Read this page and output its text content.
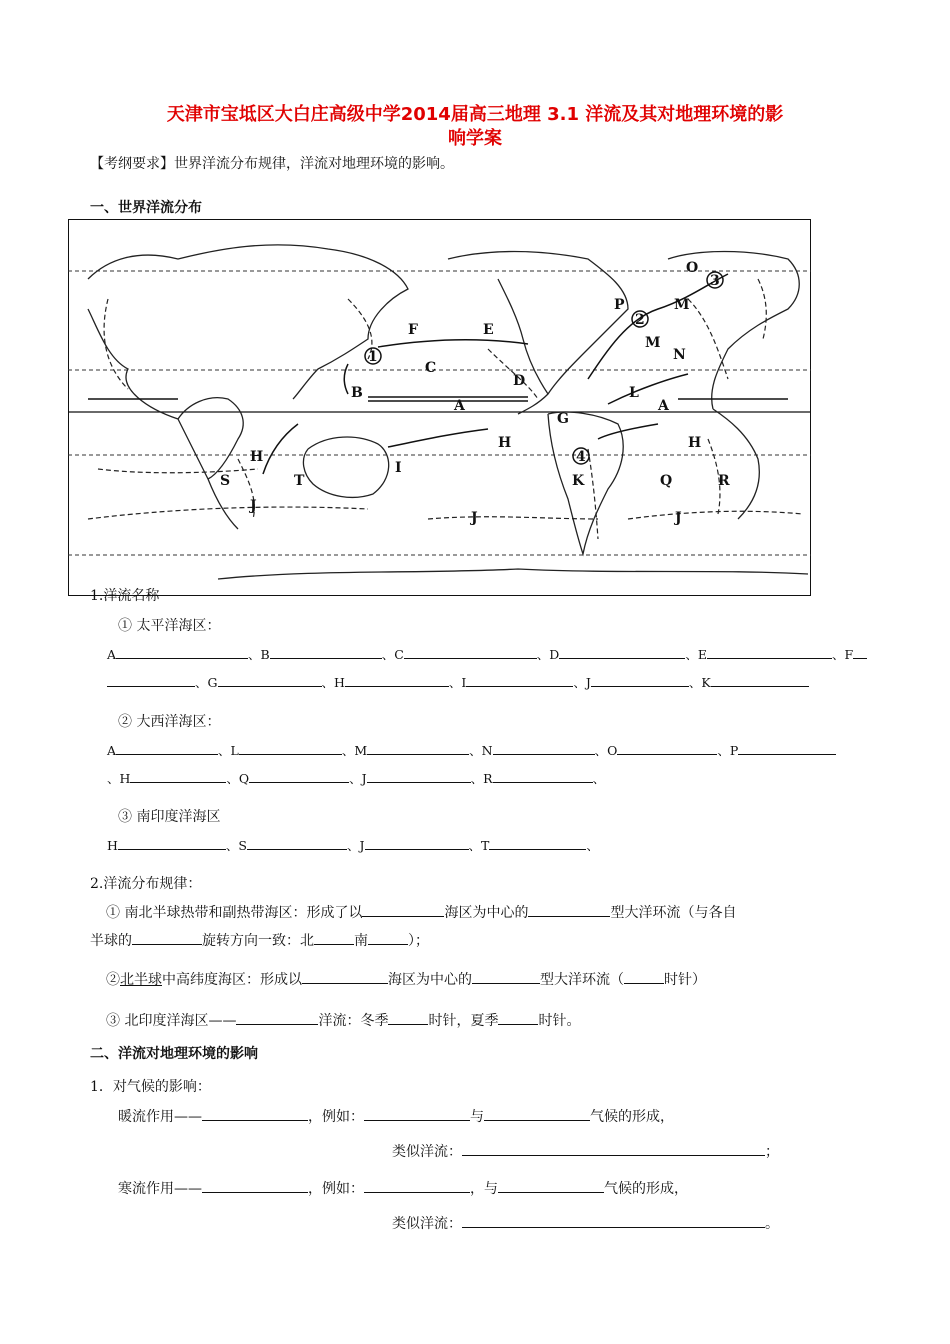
天津市宝坻区大白庄高级中学2014届高三地理 3.1 洋流及其对地理环境的影
响学案
【考纲要求】世界洋流分布规律，洋流对地理环境的影响。
一、世界洋流分布
O
3
P	M
2
F	E
M
N
1
C
D
B	L
A	A
G
H	H
H	4
I
S	T	K	Q	R
J
J	J
1.洋流名称
① 太平洋海区：
A	、B	、C	、D	、E	、F
、G	、H	、I	、J	、K
② 大西洋海区：
A	、L	、M	、N	、O	、P
、H	、Q	、J	、R	、
③ 南印度洋海区
H	、S	、J	、T	、
2.洋流分布规律：
① 南北半球热带和副热带海区：形成了以	海区为中心的	型大洋环流（与各自
半球的	旋转方向一致：北	南	）；
②北半球中高纬度海区：形成以	海区为中心的	型大洋环流（	时针）
③ 北印度洋海区——	洋流：冬季	时针，夏季	时针。
二、洋流对地理环境的影响
1．对气候的影响：
暖流作用——	，例如：	与	气候的形成，
类似洋流：	；
寒流作用——	，例如：	，与	气候的形成，
类似洋流：	。
